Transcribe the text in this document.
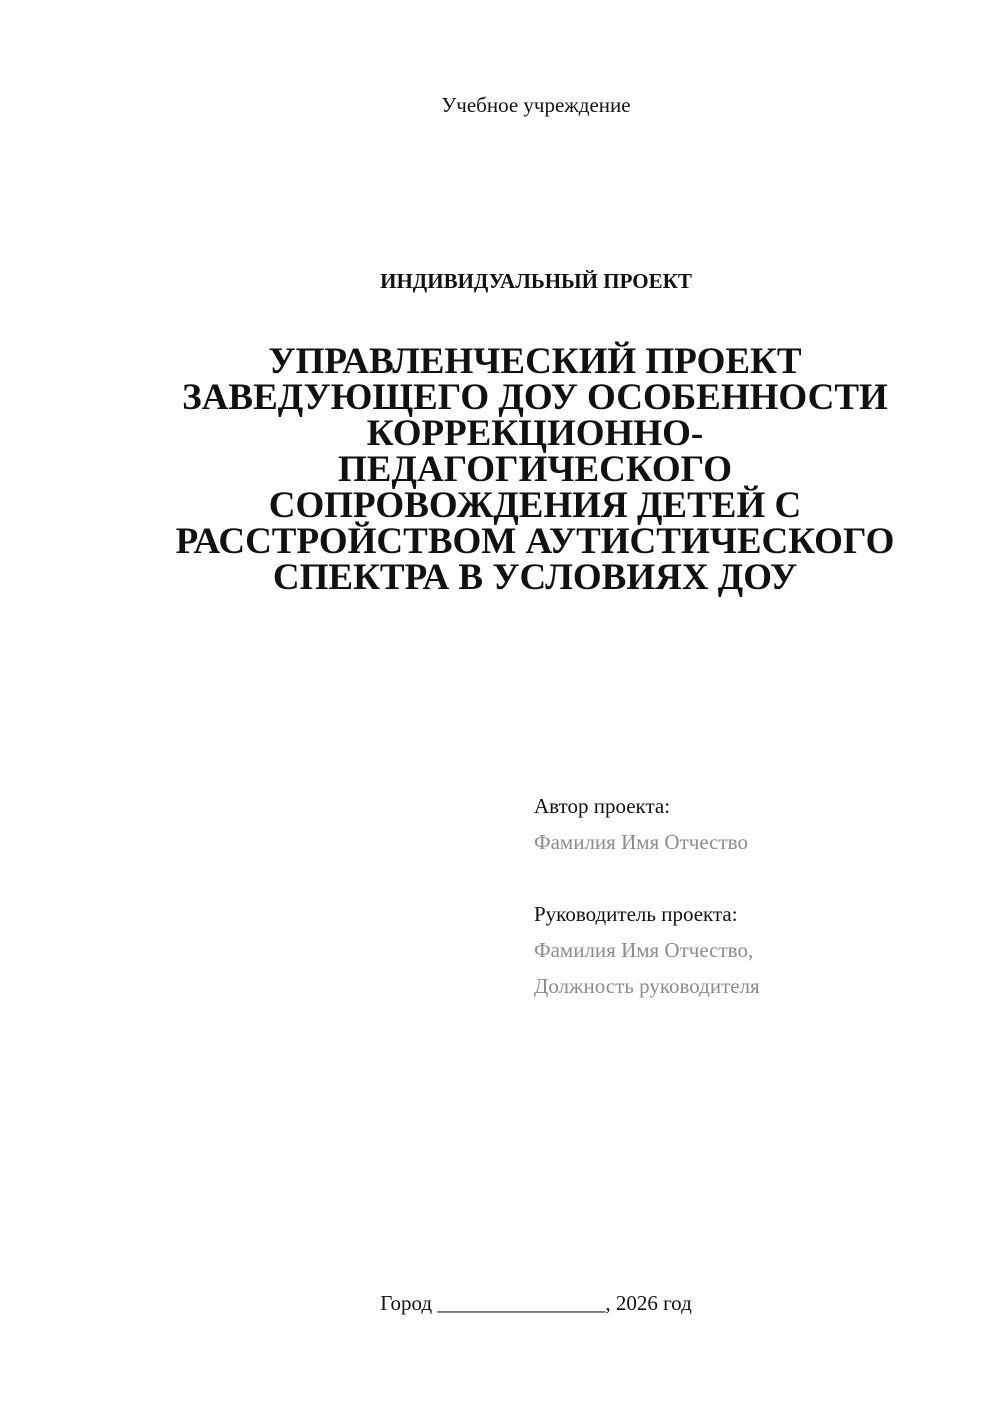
Учебное учреждение
ИНДИВИДУАЛЬНЫЙ ПРОЕКТ
УПРАВЛЕНЧЕСКИЙ ПРОЕКТ
ЗАВЕДУЮЩЕГО ДОУ ОСОБЕННОСТИ
КОРРЕКЦИОННО-
ПЕДАГОГИЧЕСКОГО
СОПРОВОЖДЕНИЯ ДЕТЕЙ С
РАССТРОЙСТВОМ АУТИСТИЧЕСКОГО
СПЕКТРА В УСЛОВИЯХ ДОУ
Автор проекта:
Фамилия Имя Отчество
Руководитель проекта:
Фамилия Имя Отчество,
Должность руководителя
Город ________________, 2026 год
